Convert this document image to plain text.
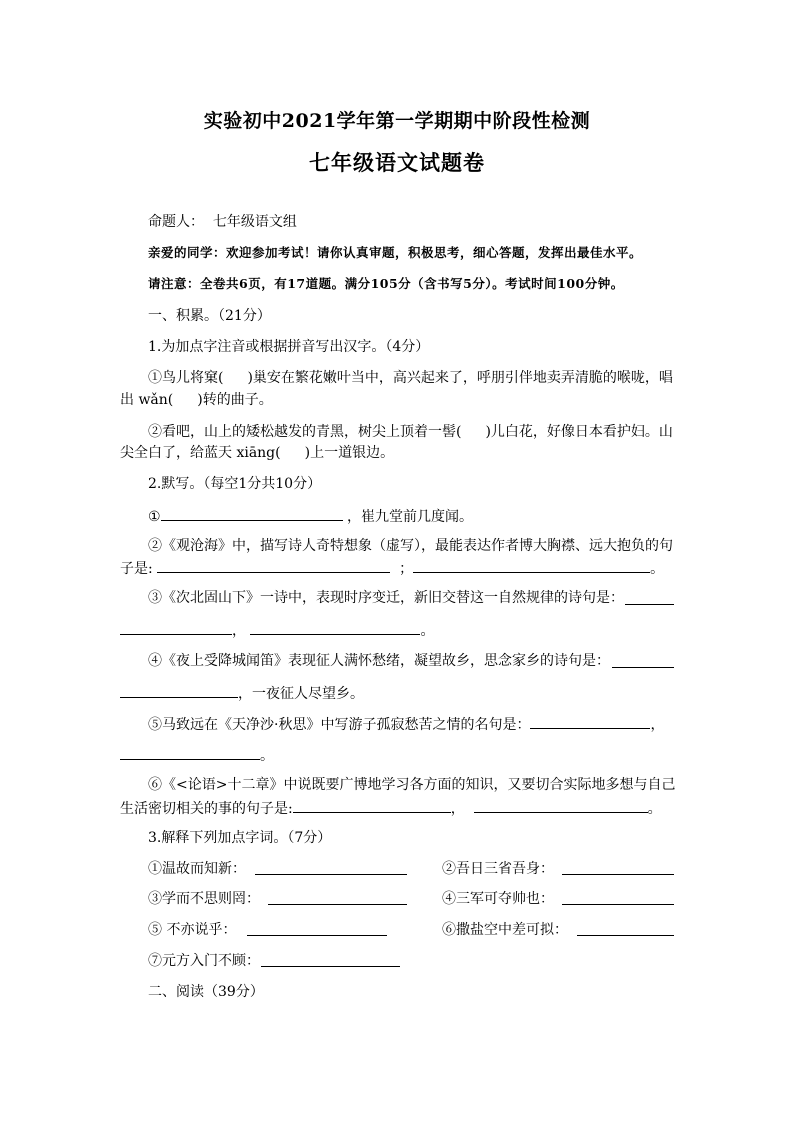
实验初中2021学年第一学期期中阶段性检测
七年级语文试题卷
命题人： 七年级语文组
亲爱的同学：欢迎参加考试！请你认真审题，积极思考，细心答题，发挥出最佳水平。
请注意：全卷共6页，有17道题。满分105分（含书写5分）。考试时间100分钟。
一、积累。（21分）
1.为加点字注音或根据拼音写出汉字。（4分）
①鸟儿将窠( )巢安在繁花嫩叶当中，高兴起来了，呼朋引伴地卖弄清脆的喉咙，唱
出 wǎn( )转的曲子。
②看吧，山上的矮松越发的青黑，树尖上顶着一髻( )儿白花，好像日本看护妇。山
尖全白了，给蓝天 xiāng( )上一道银边。
2.默写。（每空1分共10分）
①	，崔九堂前几度闻。
②《观沧海》中，描写诗人奇特想象（虚写），最能表达作者博大胸襟、远大抱负的句
子是:	；	。
③《次北固山下》一诗中，表现时序变迁，新旧交替这一自然规律的诗句是：
，	。
④《夜上受降城闻笛》表现征人满怀愁绪，凝望故乡，思念家乡的诗句是：
，一夜征人尽望乡。
⑤马致远在《天净沙·秋思》中写游子孤寂愁苦之情的名句是：	，
。
⑥《<论语>十二章》中说既要广博地学习各方面的知识，又要切合实际地多想与自己
生活密切相关的事的句子是:	，	。
3.解释下列加点字词。（7分）
①温故而知新：	②吾日三省吾身：
③学而不思则罔：	④三军可夺帅也：
⑤ 不亦说乎：	⑥撒盐空中差可拟：
⑦元方入门不顾：
二、阅读（39分）
